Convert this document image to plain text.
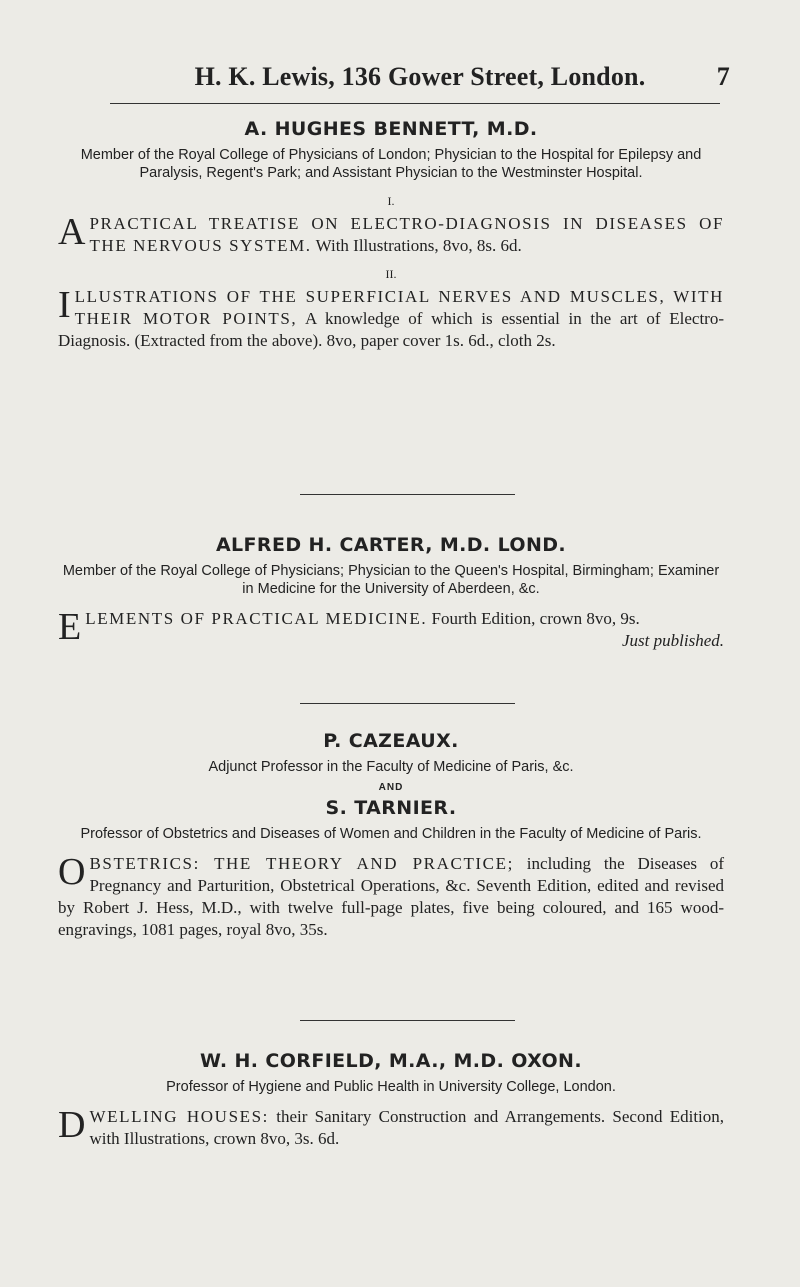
H. K. Lewis, 136 Gower Street, London.	7
A. HUGHES BENNETT, M.D.
Member of the Royal College of Physicians of London; Physician to the Hospital for Epilepsy and Paralysis, Regent's Park; and Assistant Physician to the Westminster Hospital.
I.
A PRACTICAL TREATISE ON ELECTRO-DIAGNOSIS IN DISEASES OF THE NERVOUS SYSTEM. With Illustrations, 8vo, 8s. 6d.
II.
I LLUSTRATIONS OF THE SUPERFICIAL NERVES AND MUSCLES, WITH THEIR MOTOR POINTS, A knowledge of which is essential in the art of Electro-Diagnosis. (Extracted from the above). 8vo, paper cover 1s. 6d., cloth 2s.
ALFRED H. CARTER, M.D. LOND.
Member of the Royal College of Physicians; Physician to the Queen's Hospital, Birmingham; Examiner in Medicine for the University of Aberdeen, &c.
E LEMENTS OF PRACTICAL MEDICINE. Fourth Edition, crown 8vo, 9s.
Just published.
P. CAZEAUX.
Adjunct Professor in the Faculty of Medicine of Paris, &c.
AND
S. TARNIER.
Professor of Obstetrics and Diseases of Women and Children in the Faculty of Medicine of Paris.
O BSTETRICS: THE THEORY AND PRACTICE; including the Diseases of Pregnancy and Parturition, Obstetrical Operations, &c. Seventh Edition, edited and revised by Robert J. Hess, M.D., with twelve full-page plates, five being coloured, and 165 wood-engravings, 1081 pages, royal 8vo, 35s.
W. H. CORFIELD, M.A., M.D. OXON.
Professor of Hygiene and Public Health in University College, London.
D WELLING HOUSES: their Sanitary Construction and Arrangements. Second Edition, with Illustrations, crown 8vo, 3s. 6d.
